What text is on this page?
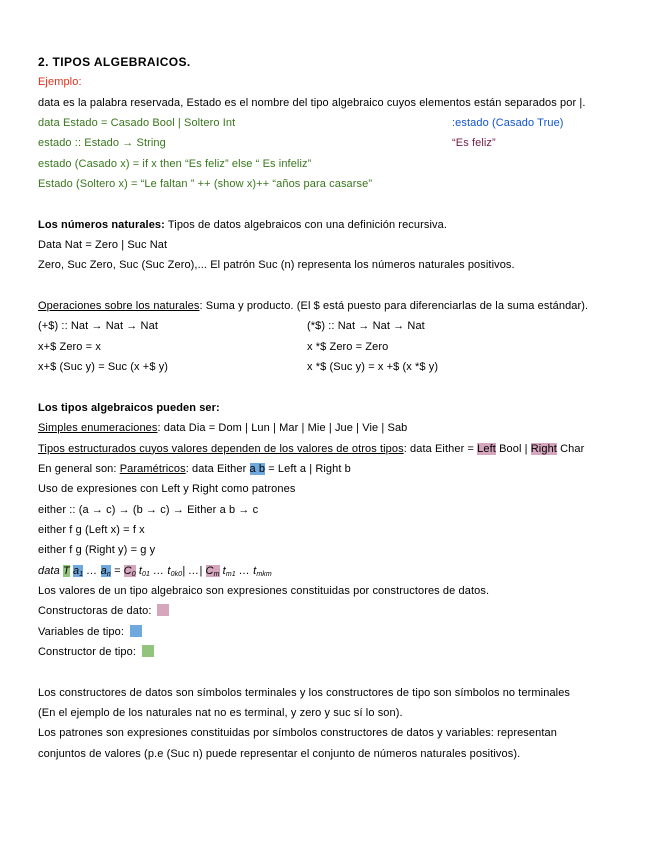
2. TIPOS ALGEBRAICOS.
Ejemplo:
data es la palabra reservada, Estado es el nombre del tipo algebraico cuyos elementos están separados por |.
data Estado = Casado Bool | Soltero Int	:estado (Casado True)
estado :: Estado → String	“Es feliz”
estado (Casado x) = if x then “Es feliz” else “ Es infeliz”
Estado (Soltero x) = “Le faltan ” ++ (show x)++ “años para casarse”
Los números naturales: Tipos de datos algebraicos con una definición recursiva.
Data Nat = Zero | Suc Nat
Zero, Suc Zero, Suc (Suc Zero),... El patrón Suc (n) representa los números naturales positivos.
Operaciones sobre los naturales: Suma y producto. (El $ está puesto para diferenciarlas de la suma estándar).
(+$) :: Nat → Nat → Nat	(*$) :: Nat → Nat → Nat
x+$ Zero = x	x *$ Zero = Zero
x+$ (Suc y) = Suc (x +$ y)	x *$ (Suc y) = x +$ (x *$ y)
Los tipos algebraicos pueden ser:
Simples enumeraciones: data Dia = Dom | Lun | Mar | Mie | Jue | Vie | Sab
Tipos estructurados cuyos valores dependen de los valores de otros tipos: data Either = Left Bool | Right Char
En general son: Paramétricos: data Either a b = Left a | Right b
Uso de expresiones con Left y Right como patrones
either :: (a → c) → (b → c) → Either a b → c
either f g (Left x) = f x
either f g (Right y) = g y
data T $a_1$ … $a_n = C_0$ $t_{01}$ … $t_{0k0}|$ …| $C_m$ $t_{m1}$ … $t_{mkm}$
Los valores de un tipo algebraico son expresiones constituidas por constructores de datos.
Constructoras de dato:
Variables de tipo:
Constructor de tipo:
Los constructores de datos son símbolos terminales y los constructores de tipo son símbolos no terminales
(En el ejemplo de los naturales nat no es terminal, y zero y suc sí lo son).
Los patrones son expresiones constituidas por símbolos constructores de datos y variables: representan
conjuntos de valores (p.e (Suc n) puede representar el conjunto de números naturales positivos).
